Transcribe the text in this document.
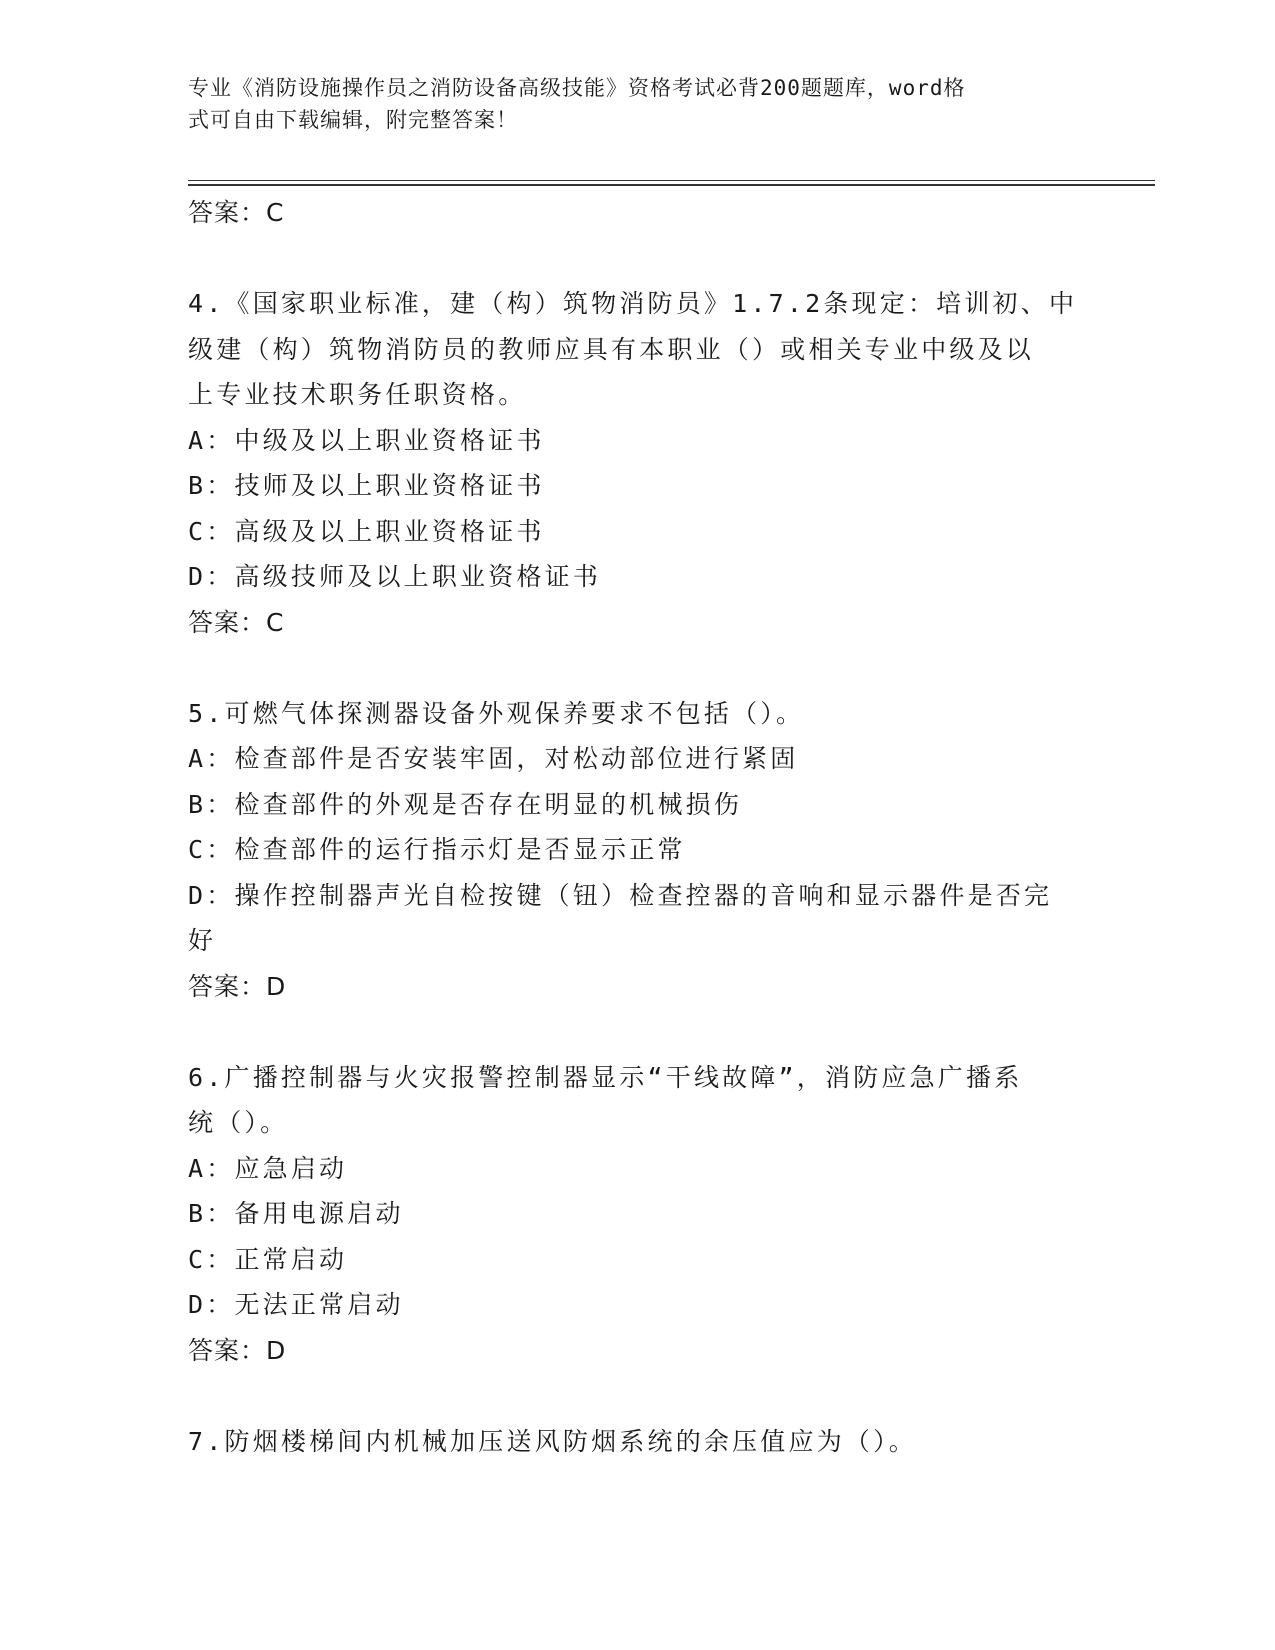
专业《消防设施操作员之消防设备高级技能》资格考试必背200题题库，word格
式可自由下载编辑，附完整答案！
答案：C
4.《国家职业标准，建（构）筑物消防员》1.7.2条现定：培训初、中
级建（构）筑物消防员的教师应具有本职业（）或相关专业中级及以
上专业技术职务任职资格。
A：中级及以上职业资格证书
B：技师及以上职业资格证书
C：高级及以上职业资格证书
D：高级技师及以上职业资格证书
答案：C
5.可燃气体探测器设备外观保养要求不包括（）。
A：检查部件是否安装牢固，对松动部位进行紧固
B：检查部件的外观是否存在明显的机械损伤
C：检查部件的运行指示灯是否显示正常
D：操作控制器声光自检按键（钮）检查控器的音响和显示器件是否完
好
答案：D
6.广播控制器与火灾报警控制器显示“干线故障”，消防应急广播系
统（）。
A：应急启动
B：备用电源启动
C：正常启动
D：无法正常启动
答案：D
7.防烟楼梯间内机械加压送风防烟系统的余压值应为（）。
